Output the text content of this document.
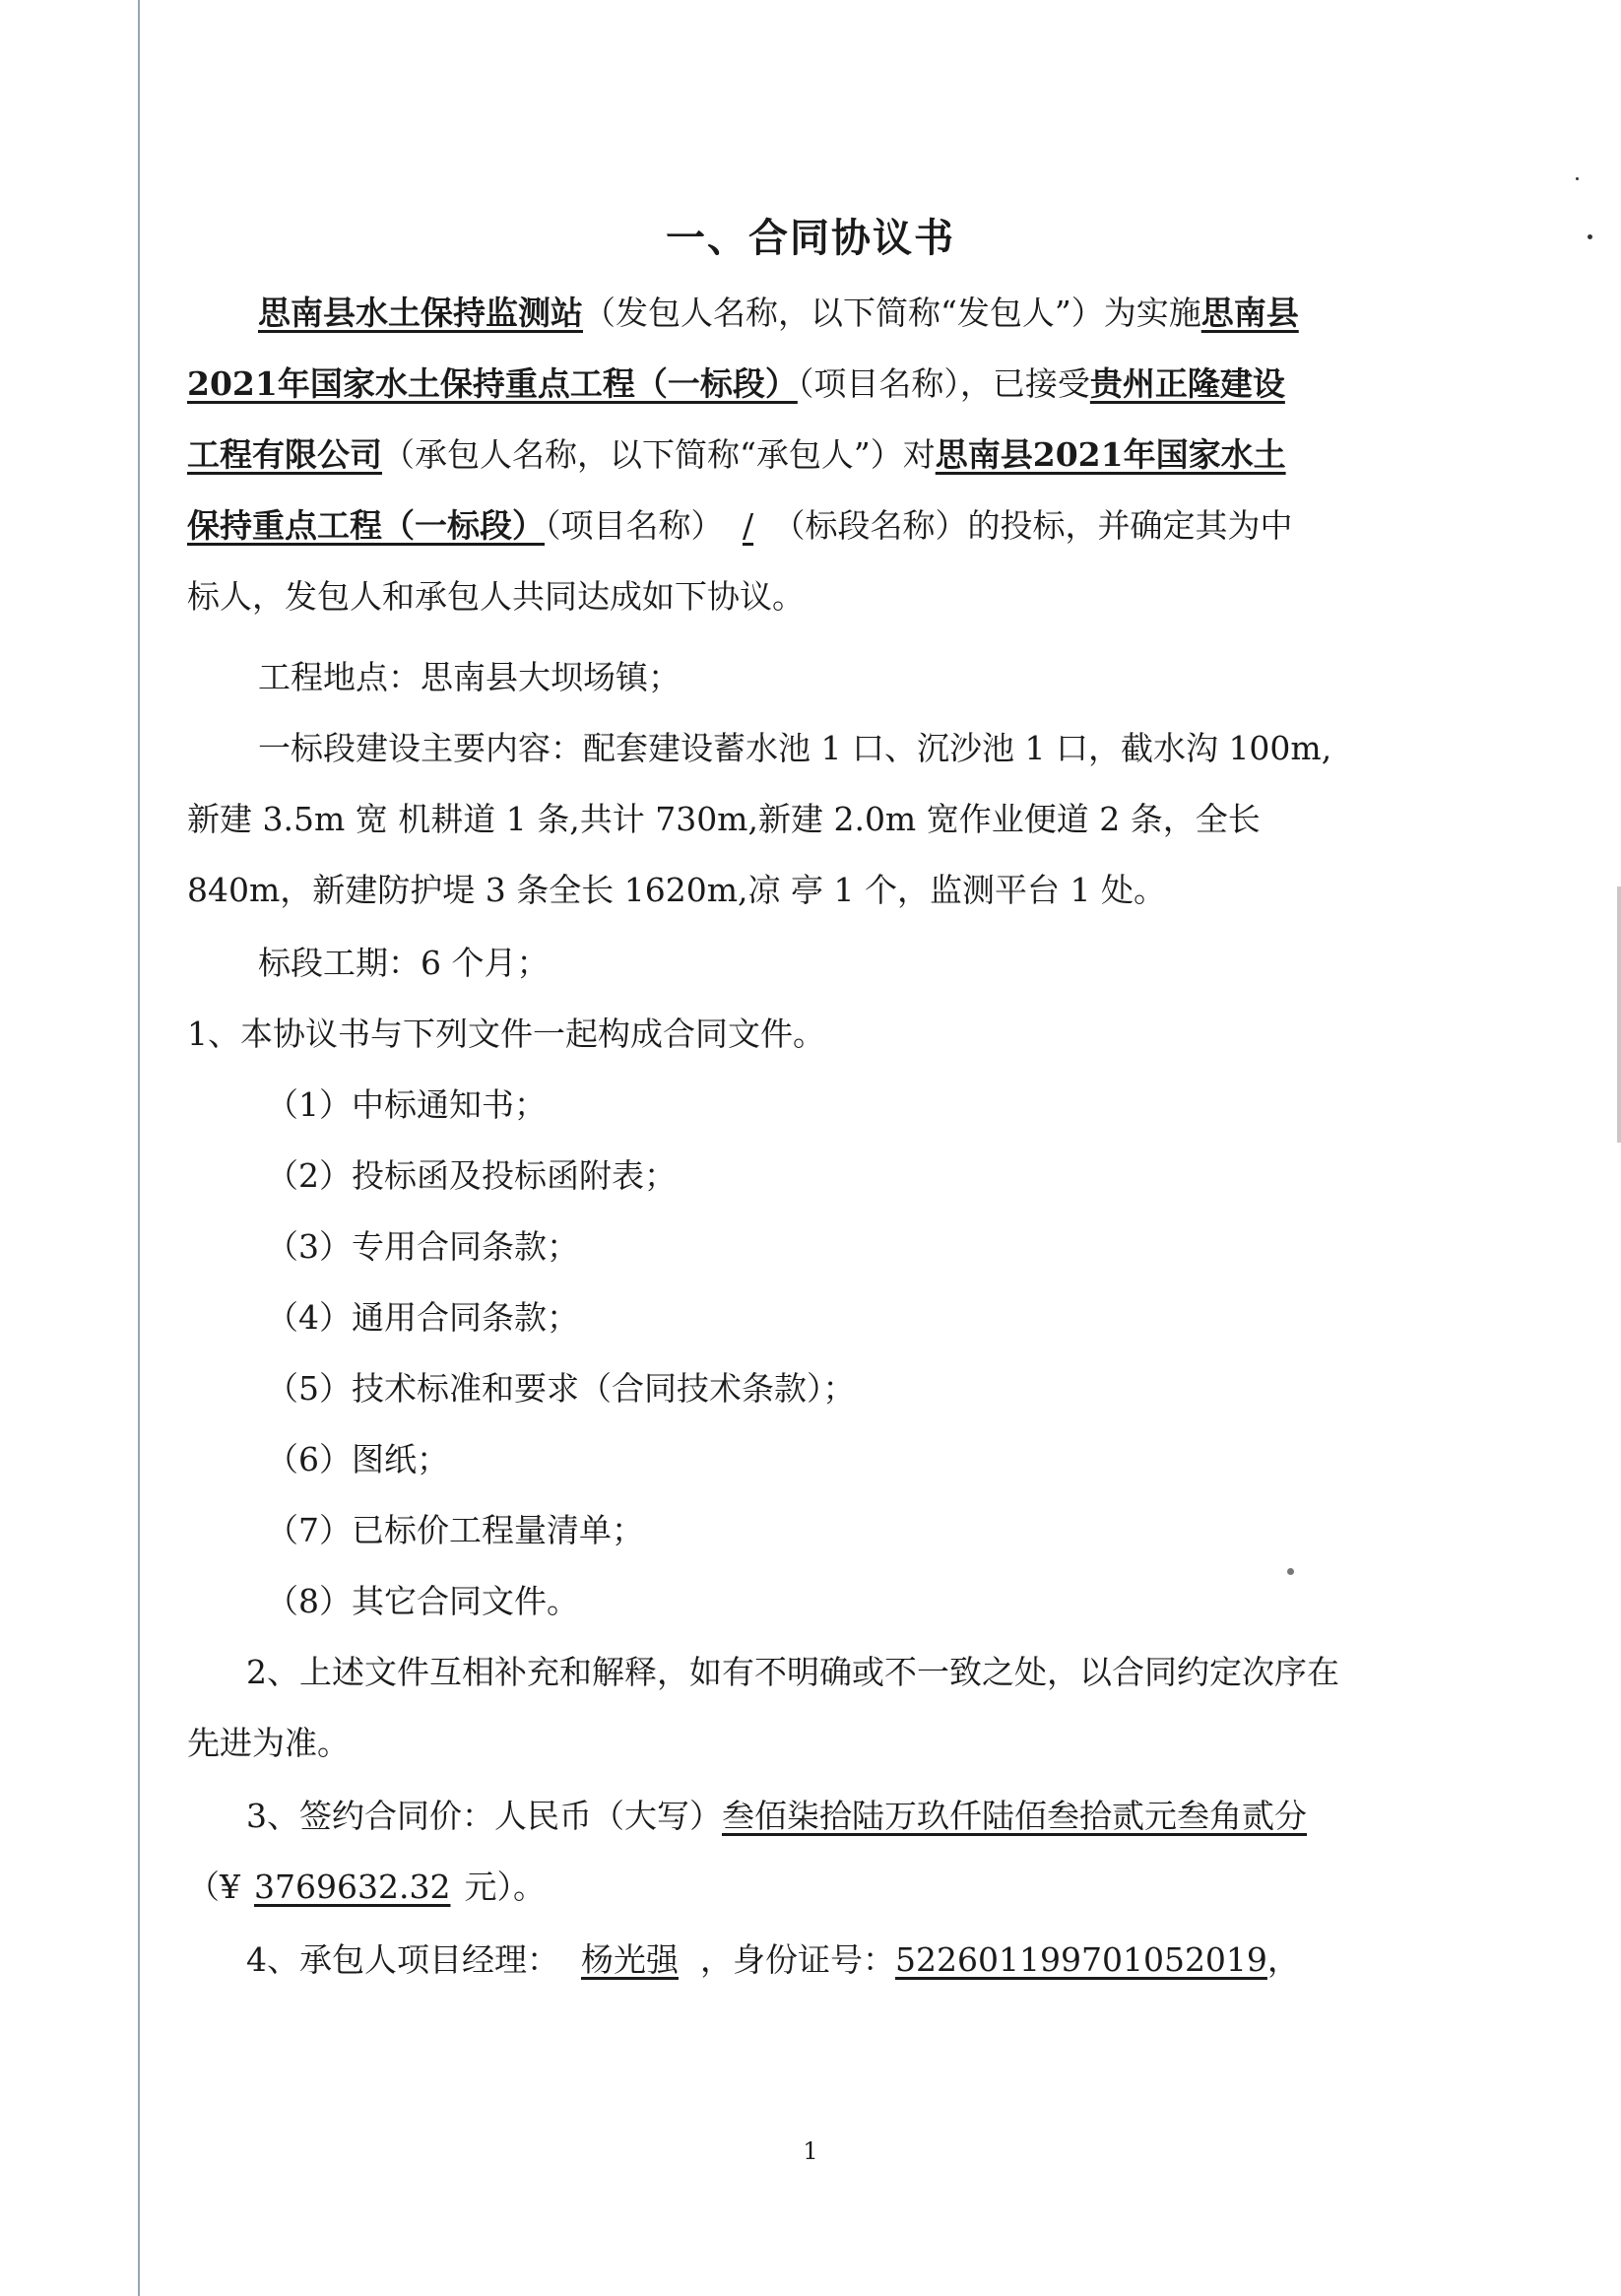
一、合同协议书
思南县水土保持监测站（发包人名称，以下简称“发包人”）为实施思南县
2021年国家水土保持重点工程（一标段）（项目名称），已接受贵州正隆建设
工程有限公司（承包人名称，以下简称“承包人”）对思南县2021年国家水土
保持重点工程（一标段）（项目名称） / （标段名称）的投标，并确定其为中
标人，发包人和承包人共同达成如下协议。
工程地点：思南县大坝场镇；
一标段建设主要内容：配套建设蓄水池 1 口、沉沙池 1 口，截水沟 100m,
新建 3.5m 宽 机耕道 1 条,共计 730m,新建 2.0m 宽作业便道 2 条，全长
840m，新建防护堤 3 条全长 1620m,凉 亭 1 个，监测平台 1 处。
标段工期：6 个月；
1、本协议书与下列文件一起构成合同文件。
（1）中标通知书；
（2）投标函及投标函附表；
（3）专用合同条款；
（4）通用合同条款；
（5）技术标准和要求（合同技术条款）；
（6）图纸；
（7）已标价工程量清单；
（8）其它合同文件。
2、上述文件互相补充和解释，如有不明确或不一致之处，以合同约定次序在
先进为准。
3、签约合同价：人民币（大写）叁佰柒拾陆万玖仟陆佰叁拾贰元叁角贰分
（¥ 3769632.32 元）。
4、承包人项目经理： 杨光强 ，身份证号：522601199701052019，
1
